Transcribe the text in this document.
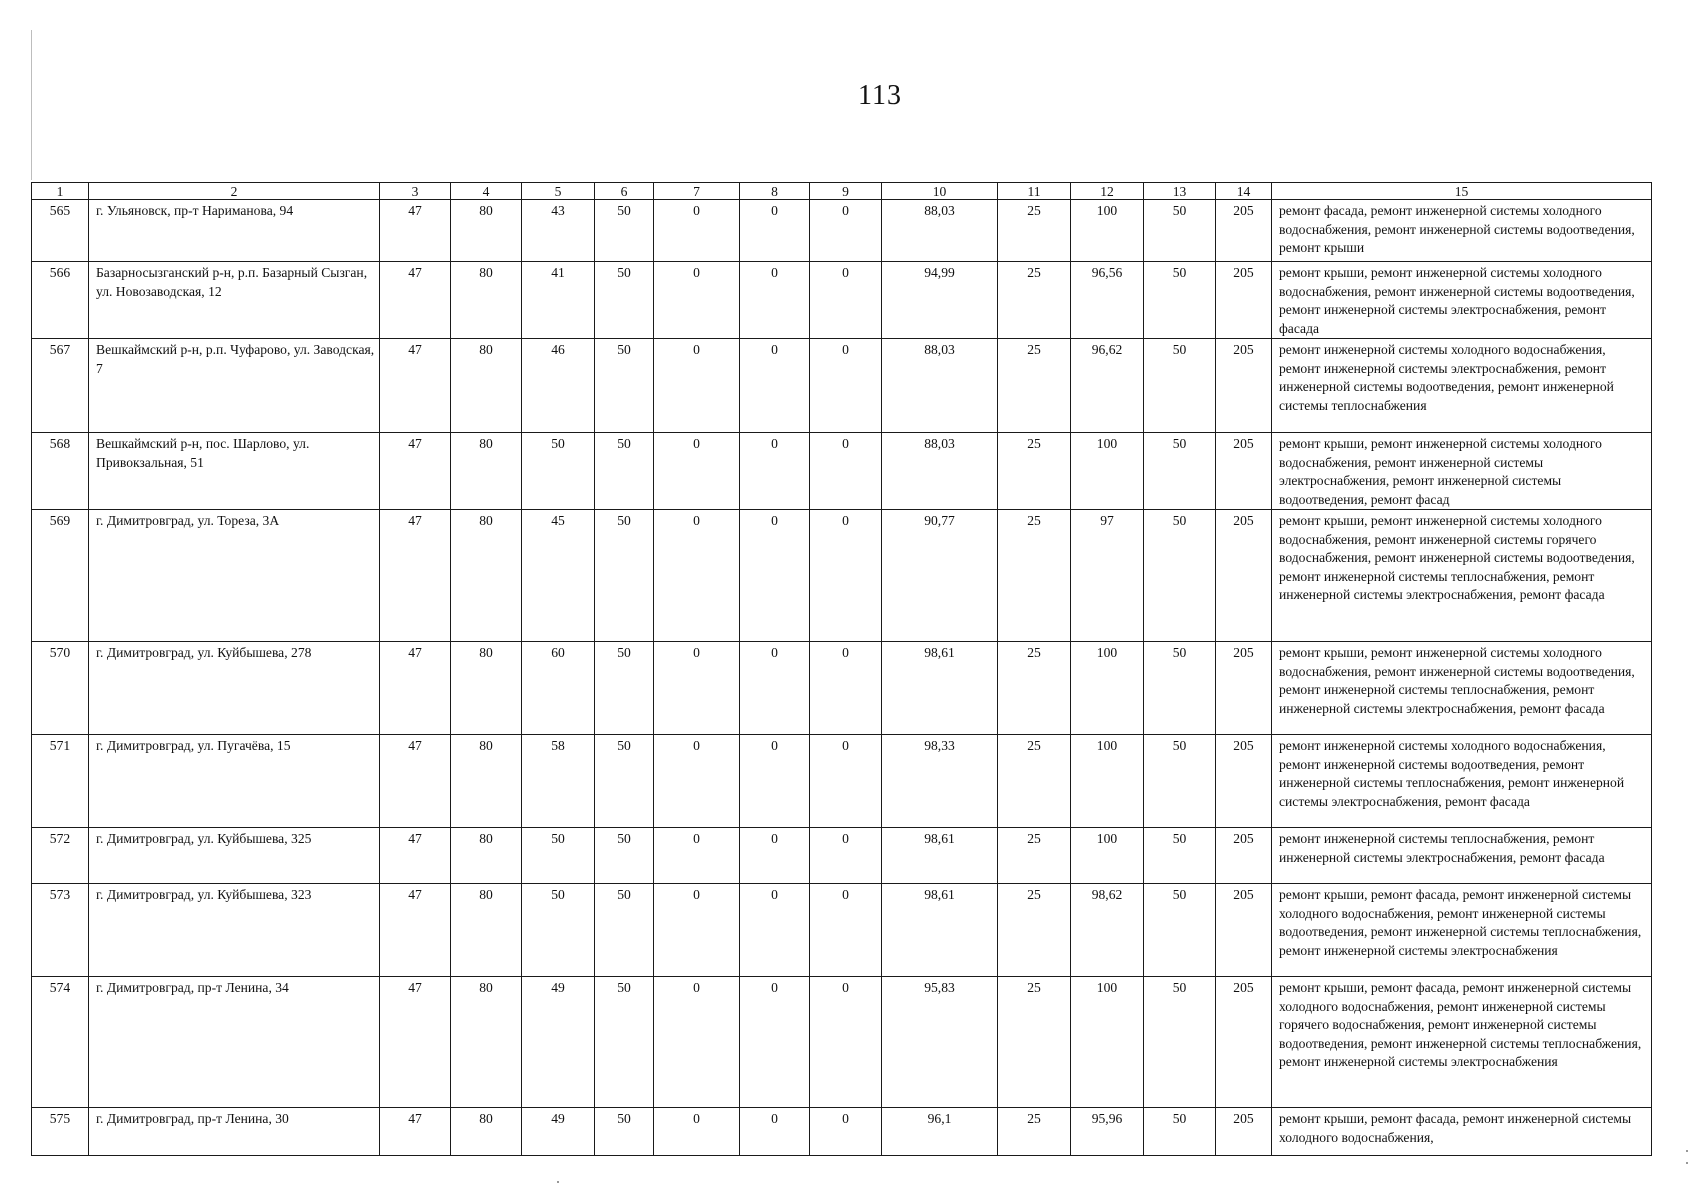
113
1	2	3	4	5	6	7	8	9	10	11	12	13	14	15
565	г. Ульяновск, пр-т Нариманова, 94	47	80	43	50	0	0	0	88,03	25	100	50	205	ремонт фасада, ремонт инженерной системы холодного водоснабжения, ремонт инженерной системы водоотведения, ремонт крыши
566	Базарносызганский р-н, р.п. Базарный Сызган, ул. Новозаводская, 12	47	80	41	50	0	0	0	94,99	25	96,56	50	205	ремонт крыши, ремонт инженерной системы холодного водоснабжения, ремонт инженерной системы водоотведения, ремонт инженерной системы электроснабжения, ремонт фасада
567	Вешкаймский р-н, р.п. Чуфарово, ул. Заводская, 7	47	80	46	50	0	0	0	88,03	25	96,62	50	205	ремонт инженерной системы холодного водоснабжения, ремонт инженерной системы электроснабжения, ремонт инженерной системы водоотведения, ремонт инженерной системы теплоснабжения
568	Вешкаймский р-н, пос. Шарлово, ул. Привокзальная, 51	47	80	50	50	0	0	0	88,03	25	100	50	205	ремонт крыши, ремонт инженерной системы холодного водоснабжения, ремонт инженерной системы электроснабжения, ремонт инженерной системы водоотведения, ремонт фасад
569	г. Димитровград, ул. Тореза, 3А	47	80	45	50	0	0	0	90,77	25	97	50	205	ремонт крыши, ремонт инженерной системы холодного водоснабжения, ремонт инженерной системы горячего водоснабжения, ремонт инженерной системы водоотведения, ремонт инженерной системы теплоснабжения, ремонт инженерной системы электроснабжения, ремонт фасада
570	г. Димитровград, ул. Куйбышева, 278	47	80	60	50	0	0	0	98,61	25	100	50	205	ремонт крыши, ремонт инженерной системы холодного водоснабжения, ремонт инженерной системы водоотведения, ремонт инженерной системы теплоснабжения, ремонт инженерной системы электроснабжения, ремонт фасада
571	г. Димитровград, ул. Пугачёва, 15	47	80	58	50	0	0	0	98,33	25	100	50	205	ремонт инженерной системы холодного водоснабжения, ремонт инженерной системы водоотведения, ремонт инженерной системы теплоснабжения, ремонт инженерной системы электроснабжения, ремонт фасада
572	г. Димитровград, ул. Куйбышева, 325	47	80	50	50	0	0	0	98,61	25	100	50	205	ремонт инженерной системы теплоснабжения, ремонт инженерной системы электроснабжения, ремонт фасада
573	г. Димитровград, ул. Куйбышева, 323	47	80	50	50	0	0	0	98,61	25	98,62	50	205	ремонт крыши, ремонт фасада, ремонт инженерной системы холодного водоснабжения, ремонт инженерной системы водоотведения, ремонт инженерной системы теплоснабжения, ремонт инженерной системы электроснабжения
574	г. Димитровград, пр-т Ленина, 34	47	80	49	50	0	0	0	95,83	25	100	50	205	ремонт крыши, ремонт фасада, ремонт инженерной системы холодного водоснабжения, ремонт инженерной системы горячего водоснабжения, ремонт инженерной системы водоотведения, ремонт инженерной системы теплоснабжения, ремонт инженерной системы электроснабжения
575	г. Димитровград, пр-т Ленина, 30	47	80	49	50	0	0	0	96,1	25	95,96	50	205	ремонт крыши, ремонт фасада, ремонт инженерной системы холодного водоснабжения,
